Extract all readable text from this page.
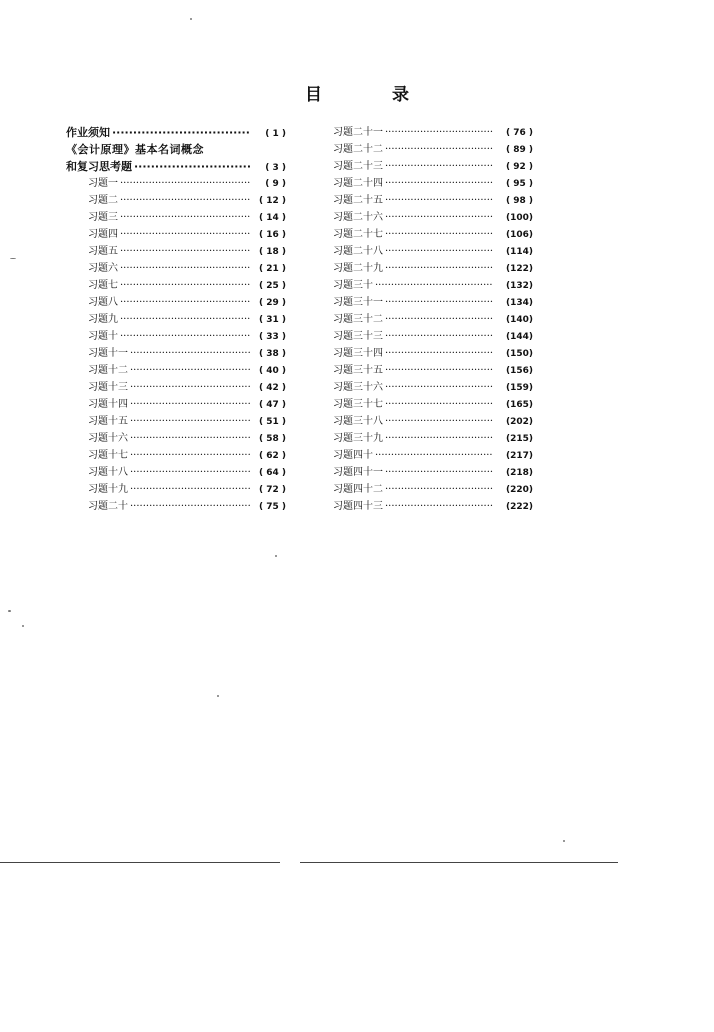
目 录
作业须知 ·····	( 1 )
《会计原理》基本名词概念
和复习思考题 ·····	( 3 )
习题一 ·····	( 9 )
习题二 ·····	( 12 )
习题三 ·····	( 14 )
习题四 ·····	( 16 )
习题五 ·····	( 18 )
习题六 ·····	( 21 )
习题七 ·····	( 25 )
习题八 ·····	( 29 )
习题九 ·····	( 31 )
习题十 ·····	( 33 )
习题十一 ·····	( 38 )
习题十二 ·····	( 40 )
习题十三 ·····	( 42 )
习题十四 ·····	( 47 )
习题十五 ·····	( 51 )
习题十六 ·····	( 58 )
习题十七 ·····	( 62 )
习题十八 ·····	( 64 )
习题十九 ·····	( 72 )
习题二十 ·····	( 75 )
习题二十一 ·····	( 76 )
习题二十二 ·····	( 89 )
习题二十三 ·····	( 92 )
习题二十四 ·····	( 95 )
习题二十五 ·····	( 98 )
习题二十六 ·····	(100)
习题二十七 ·····	(106)
习题二十八 ·····	(114)
习题二十九 ·····	(122)
习题三十 ·····	(132)
习题三十一 ·····	(134)
习题三十二 ·····	(140)
习题三十三 ·····	(144)
习题三十四 ·····	(150)
习题三十五 ·····	(156)
习题三十六 ·····	(159)
习题三十七 ·····	(165)
习题三十八 ·····	(202)
习题三十九 ·····	(215)
习题四十 ·····	(217)
习题四十一 ·····	(218)
习题四十二 ·····	(220)
习题四十三 ·····	(222)
